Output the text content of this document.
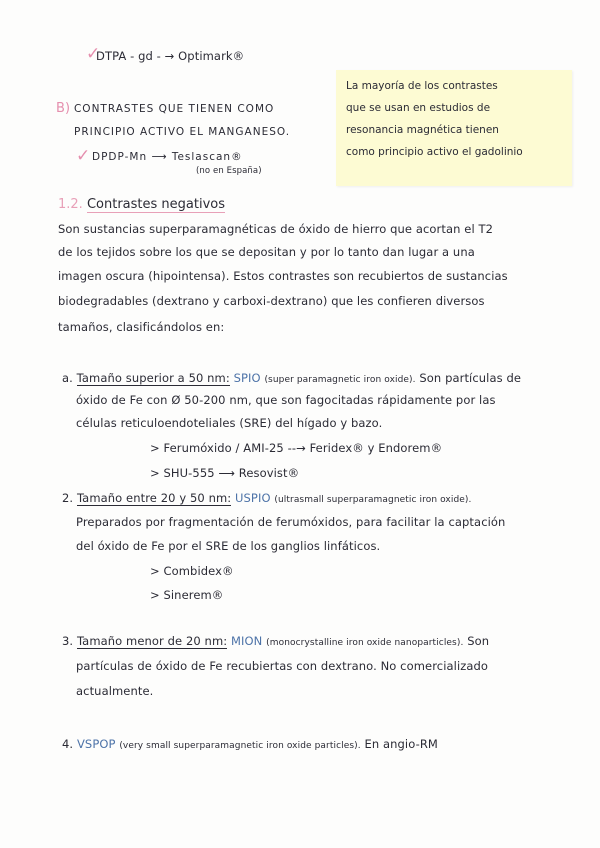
✓
DTPA - gd - → Optimark®
B) CONTRASTES QUE TIENEN COMO
PRINCIPIO ACTIVO EL MANGANESO.
✓ DPDP-Mn ⟶ Teslascan®
(no en España)
La mayoría de los contrastes
que se usan en estudios de
resonancia magnética tienen
como principio activo el gadolinio
1.2. Contrastes negativos
Son sustancias superparamagnéticas de óxido de hierro que acortan el T2
de los tejidos sobre los que se depositan y por lo tanto dan lugar a una
imagen oscura (hipointensa). Estos contrastes son recubiertos de sustancias
biodegradables (dextrano y carboxi-dextrano) que les confieren diversos
tamaños, clasificándolos en:
a. Tamaño superior a 50 nm: SPIO (super paramagnetic iron oxide). Son partículas de
óxido de Fe con Ø 50-200 nm, que son fagocitadas rápidamente por las
células reticuloendoteliales (SRE) del hígado y bazo.
> Ferumóxido / AMI-25 --→ Feridex® y Endorem®
> SHU-555 ⟶ Resovist®
2. Tamaño entre 20 y 50 nm: USPIO (ultrasmall superparamagnetic iron oxide).
Preparados por fragmentación de ferumóxidos, para facilitar la captación
del óxido de Fe por el SRE de los ganglios linfáticos.
> Combidex®
> Sinerem®
3. Tamaño menor de 20 nm: MION (monocrystalline iron oxide nanoparticles). Son
partículas de óxido de Fe recubiertas con dextrano. No comercializado
actualmente.
4. VSPOP (very small superparamagnetic iron oxide particles). En angio-RM
